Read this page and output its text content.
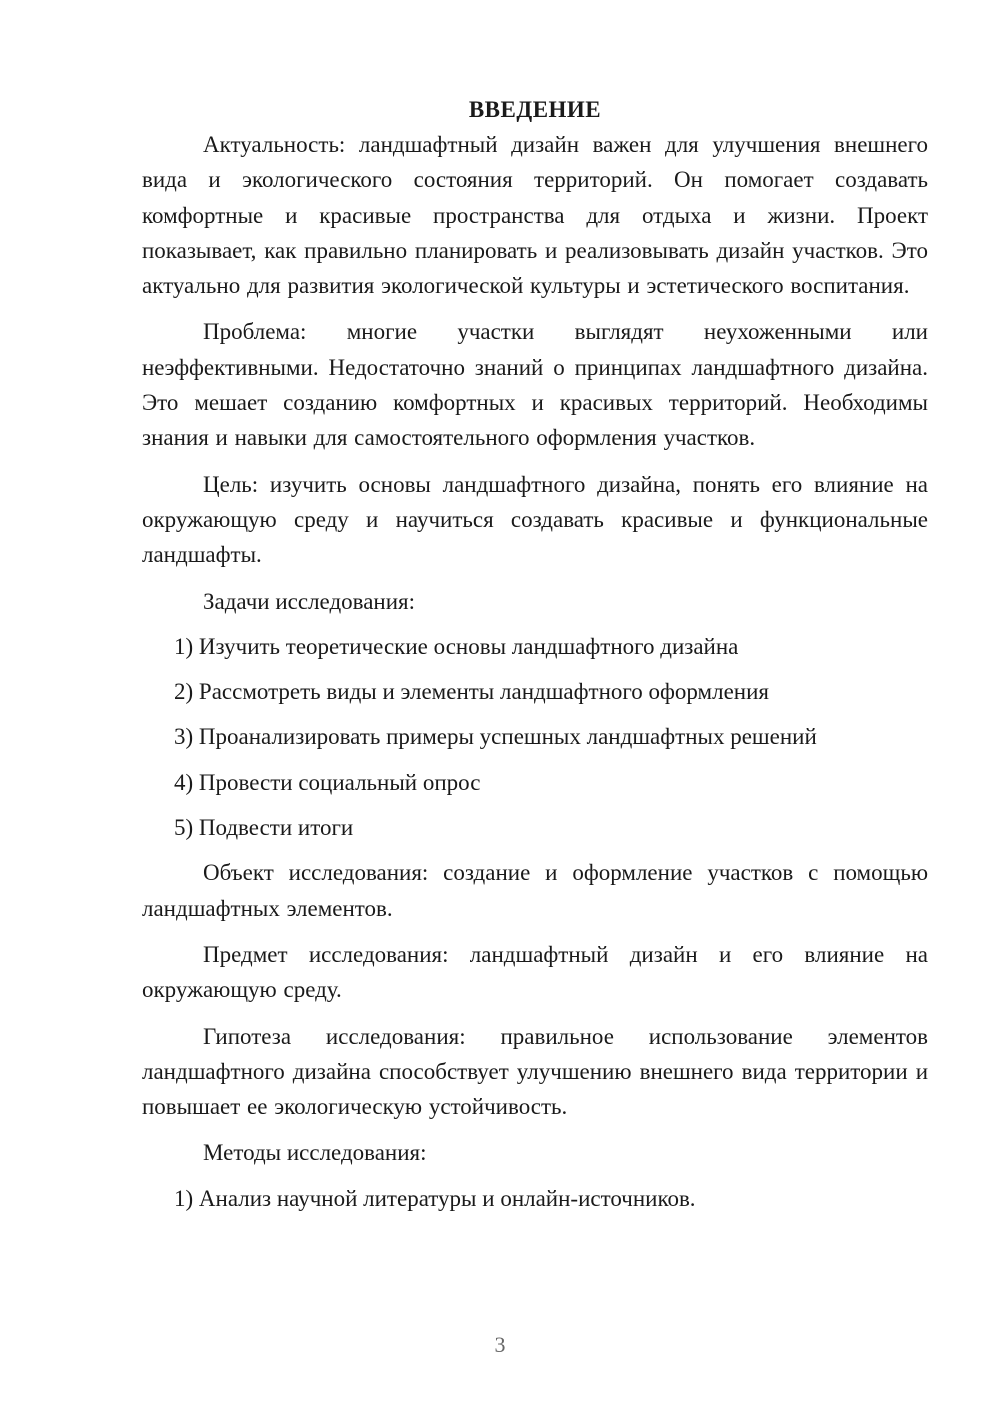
ВВЕДЕНИЕ

Актуальность: ландшафтный дизайн важен для улучшения внешнего вида и экологического состояния территорий. Он помогает создавать комфортные и красивые пространства для отдыха и жизни. Проект показывает, как правильно планировать и реализовывать дизайн участков. Это актуально для развития экологической культуры и эстетического воспитания.

Проблема: многие участки выглядят неухоженными или неэффективными. Недостаточно знаний о принципах ландшафтного дизайна. Это мешает созданию комфортных и красивых территорий. Необходимы знания и навыки для самостоятельного оформления участков.

Цель: изучить основы ландшафтного дизайна, понять его влияние на окружающую среду и научиться создавать красивые и функциональные ландшафты.

Задачи исследования:

1) Изучить теоретические основы ландшафтного дизайна

2) Рассмотреть виды и элементы ландшафтного оформления

3) Проанализировать примеры успешных ландшафтных решений

4) Провести социальный опрос

5) Подвести итоги

Объект исследования: создание и оформление участков с помощью ландшафтных элементов.

Предмет исследования: ландшафтный дизайн и его влияние на окружающую среду.

Гипотеза исследования: правильное использование элементов ландшафтного дизайна способствует улучшению внешнего вида территории и повышает ее экологическую устойчивость.

Методы исследования:

1) Анализ научной литературы и онлайн-источников.

3
